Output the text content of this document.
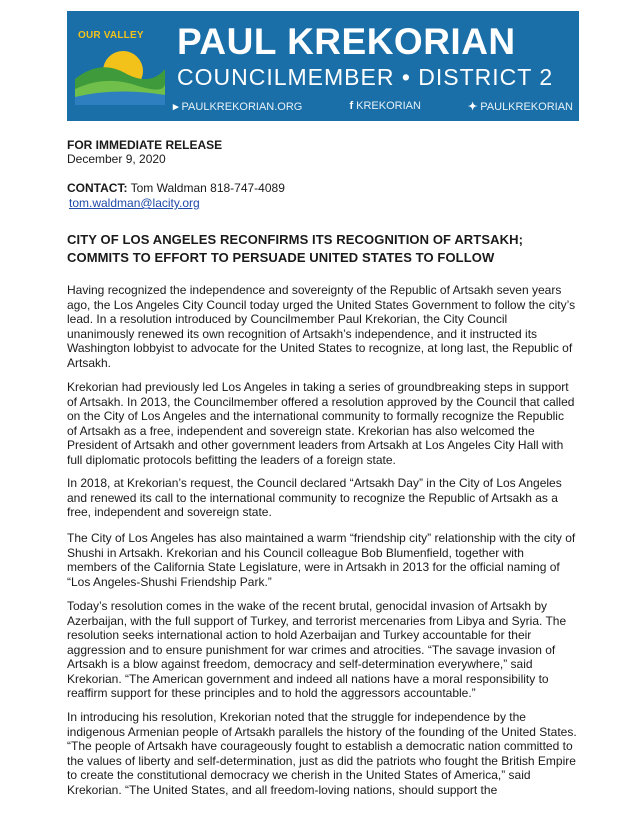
OUR VALLEY PAUL KREKORIAN
COUNCILMEMBER • DISTRICT 2
▸ PAULKREKORIAN.ORG	f KREKORIAN	✦ PAULKREKORIAN
FOR IMMEDIATE RELEASE
December 9, 2020
CONTACT: Tom Waldman 818-747-4089
tom.waldman@lacity.org
CITY OF LOS ANGELES RECONFIRMS ITS RECOGNITION OF ARTSAKH;
COMMITS TO EFFORT TO PERSUADE UNITED STATES TO FOLLOW

Having recognized the independence and sovereignty of the Republic of Artsakh seven years ago, the Los Angeles City Council today urged the United States Government to follow the city’s lead. In a resolution introduced by Councilmember Paul Krekorian, the City Council unanimously renewed its own recognition of Artsakh’s independence, and it instructed its Washington lobbyist to advocate for the United States to recognize, at long last, the Republic of Artsakh.

Krekorian had previously led Los Angeles in taking a series of groundbreaking steps in support of Artsakh. In 2013, the Councilmember offered a resolution approved by the Council that called on the City of Los Angeles and the international community to formally recognize the Republic of Artsakh as a free, independent and sovereign state. Krekorian has also welcomed the President of Artsakh and other government leaders from Artsakh at Los Angeles City Hall with full diplomatic protocols befitting the leaders of a foreign state.

In 2018, at Krekorian’s request, the Council declared “Artsakh Day” in the City of Los Angeles and renewed its call to the international community to recognize the Republic of Artsakh as a free, independent and sovereign state.

The City of Los Angeles has also maintained a warm “friendship city” relationship with the city of Shushi in Artsakh. Krekorian and his Council colleague Bob Blumenfield, together with members of the California State Legislature, were in Artsakh in 2013 for the official naming of “Los Angeles-Shushi Friendship Park.”

Today’s resolution comes in the wake of the recent brutal, genocidal invasion of Artsakh by Azerbaijan, with the full support of Turkey, and terrorist mercenaries from Libya and Syria. The resolution seeks international action to hold Azerbaijan and Turkey accountable for their aggression and to ensure punishment for war crimes and atrocities. “The savage invasion of Artsakh is a blow against freedom, democracy and self-determination everywhere,” said Krekorian. “The American government and indeed all nations have a moral responsibility to reaffirm support for these principles and to hold the aggressors accountable.”

In introducing his resolution, Krekorian noted that the struggle for independence by the indigenous Armenian people of Artsakh parallels the history of the founding of the United States. “The people of Artsakh have courageously fought to establish a democratic nation committed to the values of liberty and self-determination, just as did the patriots who fought the British Empire to create the constitutional democracy we cherish in the United States of America,” said Krekorian. “The United States, and all freedom-loving nations, should support the
